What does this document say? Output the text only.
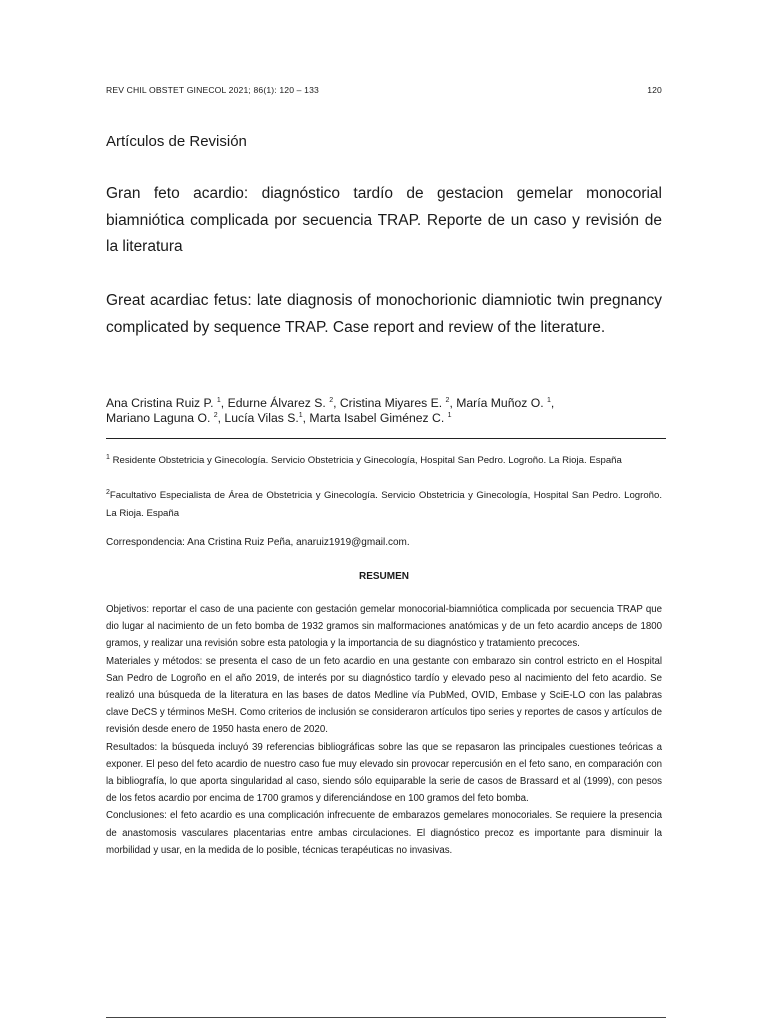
REV CHIL OBSTET GINECOL 2021; 86(1): 120 – 133	120
Artículos de Revisión
Gran feto acardio: diagnóstico tardío de gestacion gemelar monocorial biamniótica complicada por secuencia TRAP. Reporte de un caso y revisión de la literatura
Great acardiac fetus: late diagnosis of monochorionic diamniotic twin pregnancy complicated by sequence TRAP. Case report and review of the literature.
Ana Cristina Ruiz P. $^1$, Edurne Álvarez S. $^2$, Cristina Miyares E. $^2$, María Muñoz O. $^1$,
Mariano Laguna O. $^2$, Lucía Vilas S.$^1$, Marta Isabel Giménez C. $^1$
$^1$ Residente Obstetricia y Ginecología. Servicio Obstetricia y Ginecología, Hospital San Pedro. Logroño. La Rioja. España
$^2$Facultativo Especialista de Área de Obstetricia y Ginecología. Servicio Obstetricia y Ginecología, Hospital San Pedro. Logroño. La Rioja. España
Correspondencia: Ana Cristina Ruiz Peña, anaruiz1919@gmail.com.
RESUMEN

Objetivos: reportar el caso de una paciente con gestación gemelar monocorial-biamniótica complicada por secuencia TRAP que dio lugar al nacimiento de un feto bomba de 1932 gramos sin malformaciones anatómicas y de un feto acardio anceps de 1800 gramos, y realizar una revisión sobre esta patologia y la importancia de su diagnóstico y tratamiento precoces.

Materiales y métodos: se presenta el caso de un feto acardio en una gestante con embarazo sin control estricto en el Hospital San Pedro de Logroño en el año 2019, de interés por su diagnóstico tardío y elevado peso al nacimiento del feto acardio. Se realizó una búsqueda de la literatura en las bases de datos Medline vía PubMed, OVID, Embase y SciE-LO con las palabras clave DeCS y términos MeSH. Como criterios de inclusión se consideraron artículos tipo series y reportes de casos y artículos de revisión desde enero de 1950 hasta enero de 2020.

Resultados: la búsqueda incluyó 39 referencias bibliográficas sobre las que se repasaron las principales cuestiones teóricas a exponer. El peso del feto acardio de nuestro caso fue muy elevado sin provocar repercusión en el feto sano, en comparación con la bibliografía, lo que aporta singularidad al caso, siendo sólo equiparable la serie de casos de Brassard et al (1999), con pesos de los fetos acardio por encima de 1700 gramos y diferenciándose en 100 gramos del feto bomba.

Conclusiones: el feto acardio es una complicación infrecuente de embarazos gemelares monocoriales. Se requiere la presencia de anastomosis vasculares placentarias entre ambas circulaciones. El diagnóstico precoz es importante para disminuir la morbilidad y usar, en la medida de lo posible, técnicas terapéuticas no invasivas.
